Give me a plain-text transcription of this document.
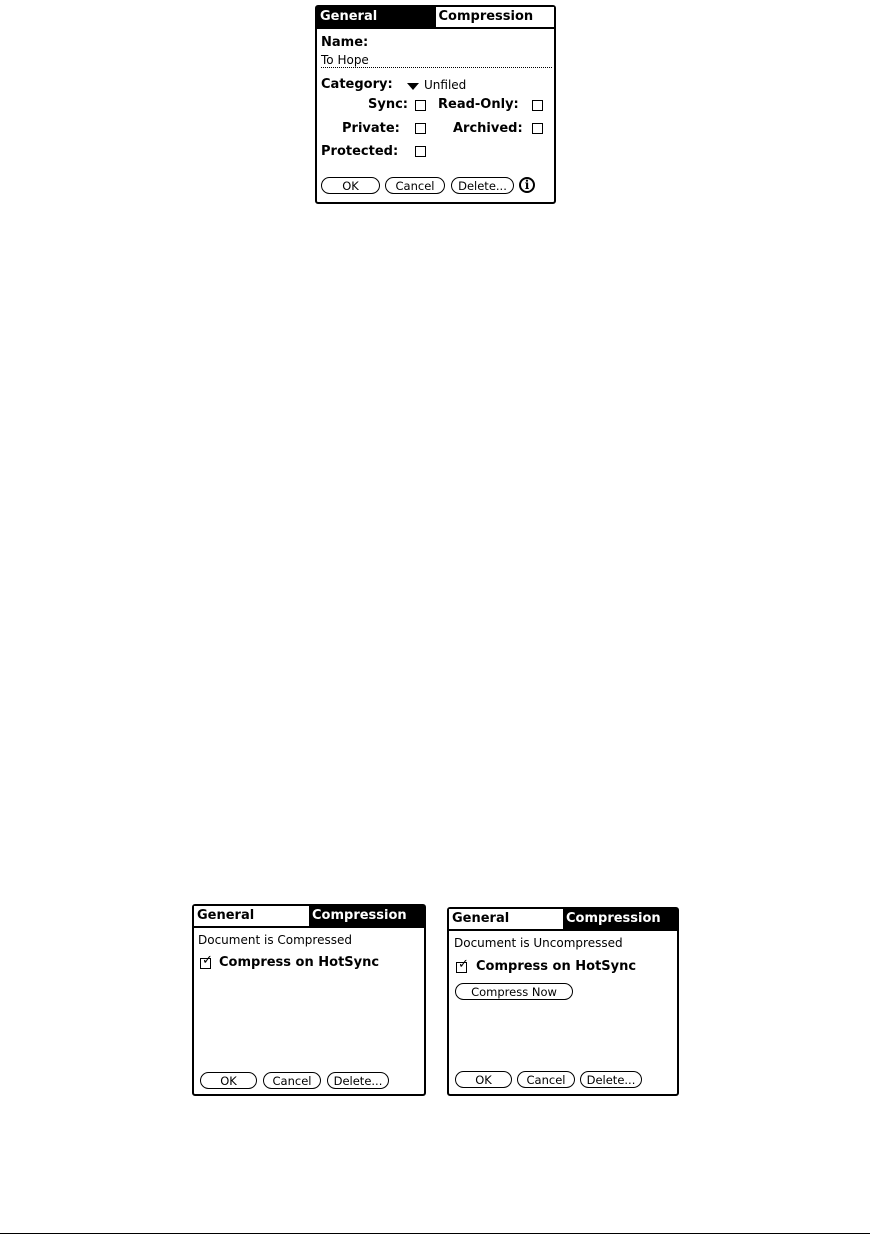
General	Compression
Name:
To Hope
Category:	Unfiled
Sync: Read-Only:
Private:	Archived:
Protected:
OK	Cancel	Delete...	i
General	Compression
Document is Compressed
✓ Compress on HotSync
OK	Cancel	Delete...
General	Compression
Document is Uncompressed
✓ Compress on HotSync
Compress Now
OK	Cancel	Delete...
